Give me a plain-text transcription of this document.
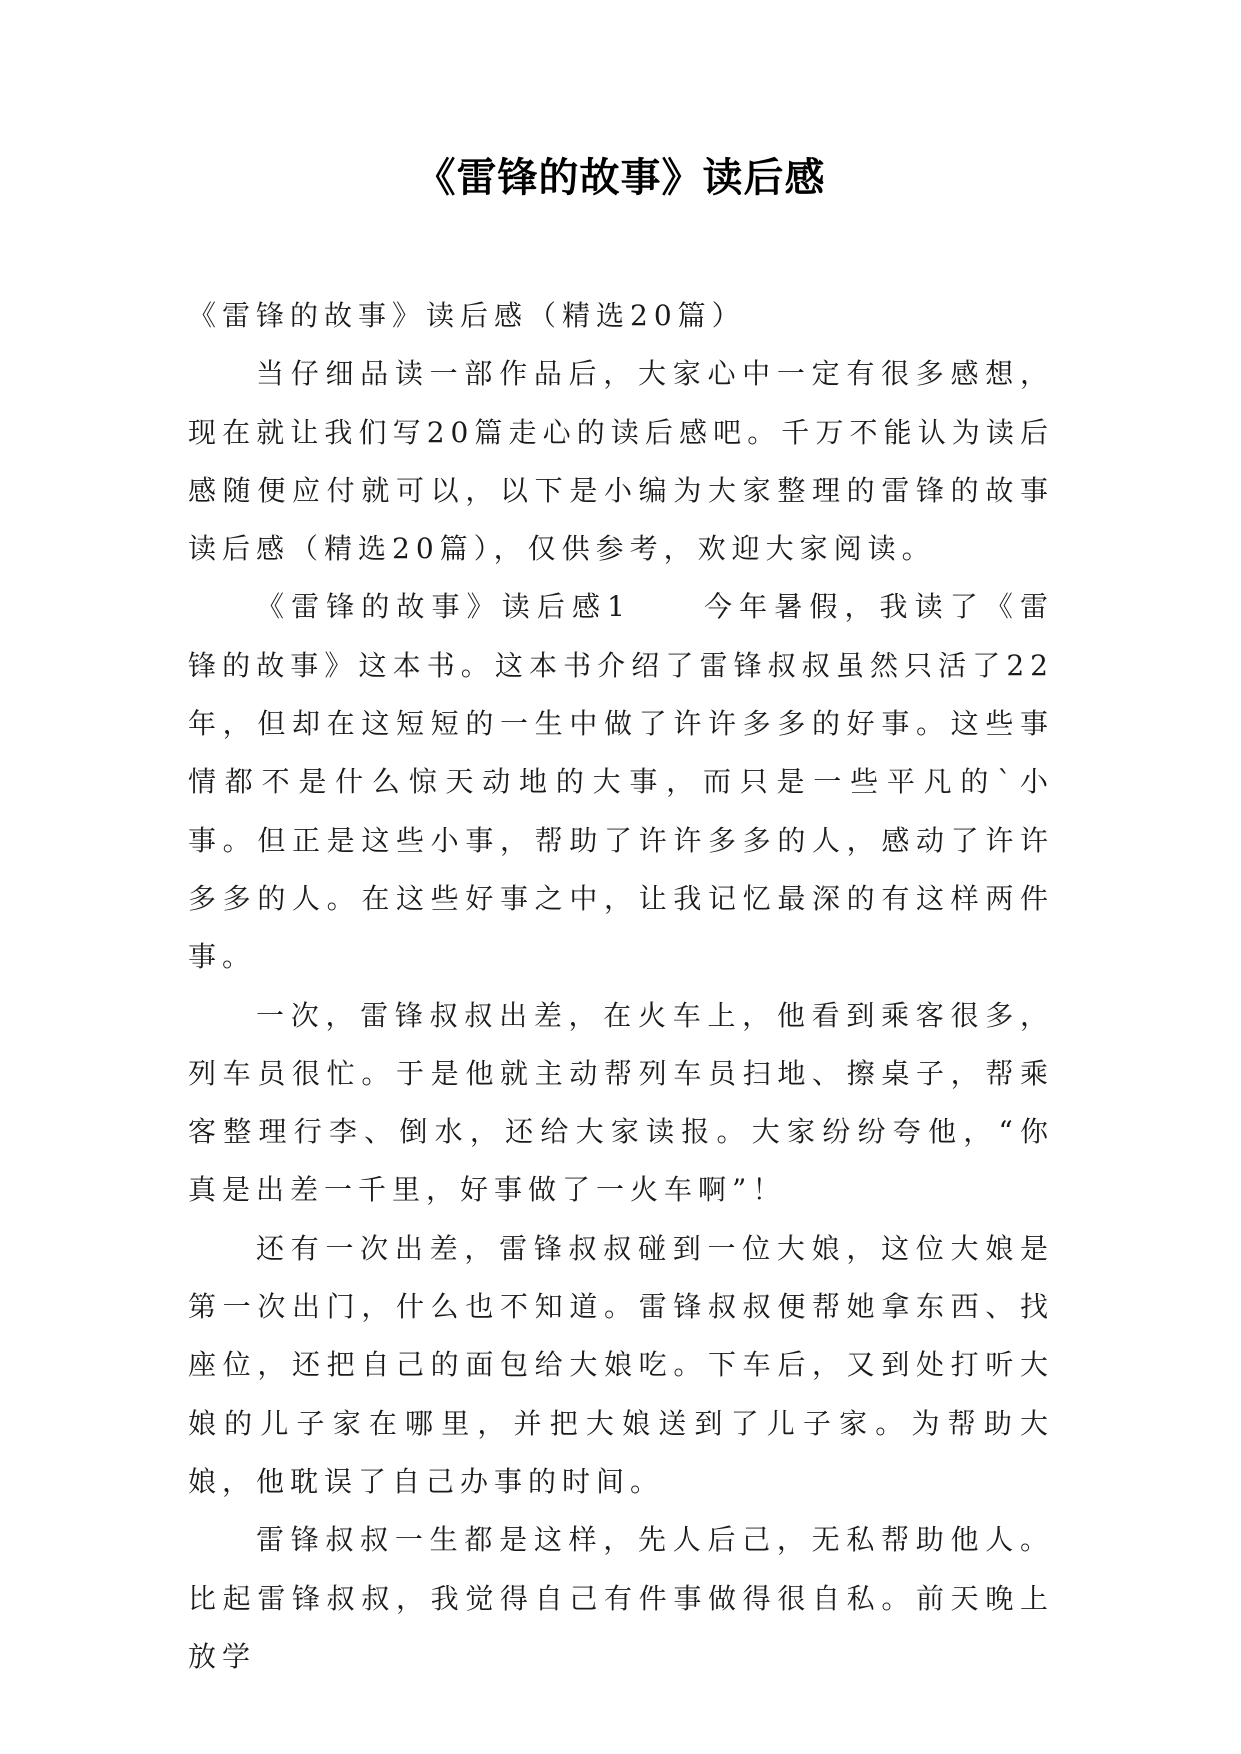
《雷锋的故事》读后感

《雷锋的故事》读后感（精选20篇）

当仔细品读一部作品后，大家心中一定有很多感想，现在就让我们写20篇走心的读后感吧。千万不能认为读后感随便应付就可以，以下是小编为大家整理的雷锋的故事读后感（精选20篇），仅供参考，欢迎大家阅读。

《雷锋的故事》读后感1	今年暑假，我读了《雷锋的故事》这本书。这本书介绍了雷锋叔叔虽然只活了22年，但却在这短短的一生中做了许许多多的好事。这些事情都不是什么惊天动地的大事，而只是一些平凡的`小事。但正是这些小事，帮助了许许多多的人，感动了许许多多的人。在这些好事之中，让我记忆最深的有这样两件事。

一次，雷锋叔叔出差，在火车上，他看到乘客很多，列车员很忙。于是他就主动帮列车员扫地、擦桌子，帮乘客整理行李、倒水，还给大家读报。大家纷纷夸他，“你真是出差一千里，好事做了一火车啊”！

还有一次出差，雷锋叔叔碰到一位大娘，这位大娘是第一次出门，什么也不知道。雷锋叔叔便帮她拿东西、找座位，还把自己的面包给大娘吃。下车后，又到处打听大娘的儿子家在哪里，并把大娘送到了儿子家。为帮助大娘，他耽误了自己办事的时间。

雷锋叔叔一生都是这样，先人后己，无私帮助他人。比起雷锋叔叔，我觉得自己有件事做得很自私。前天晚上放学
